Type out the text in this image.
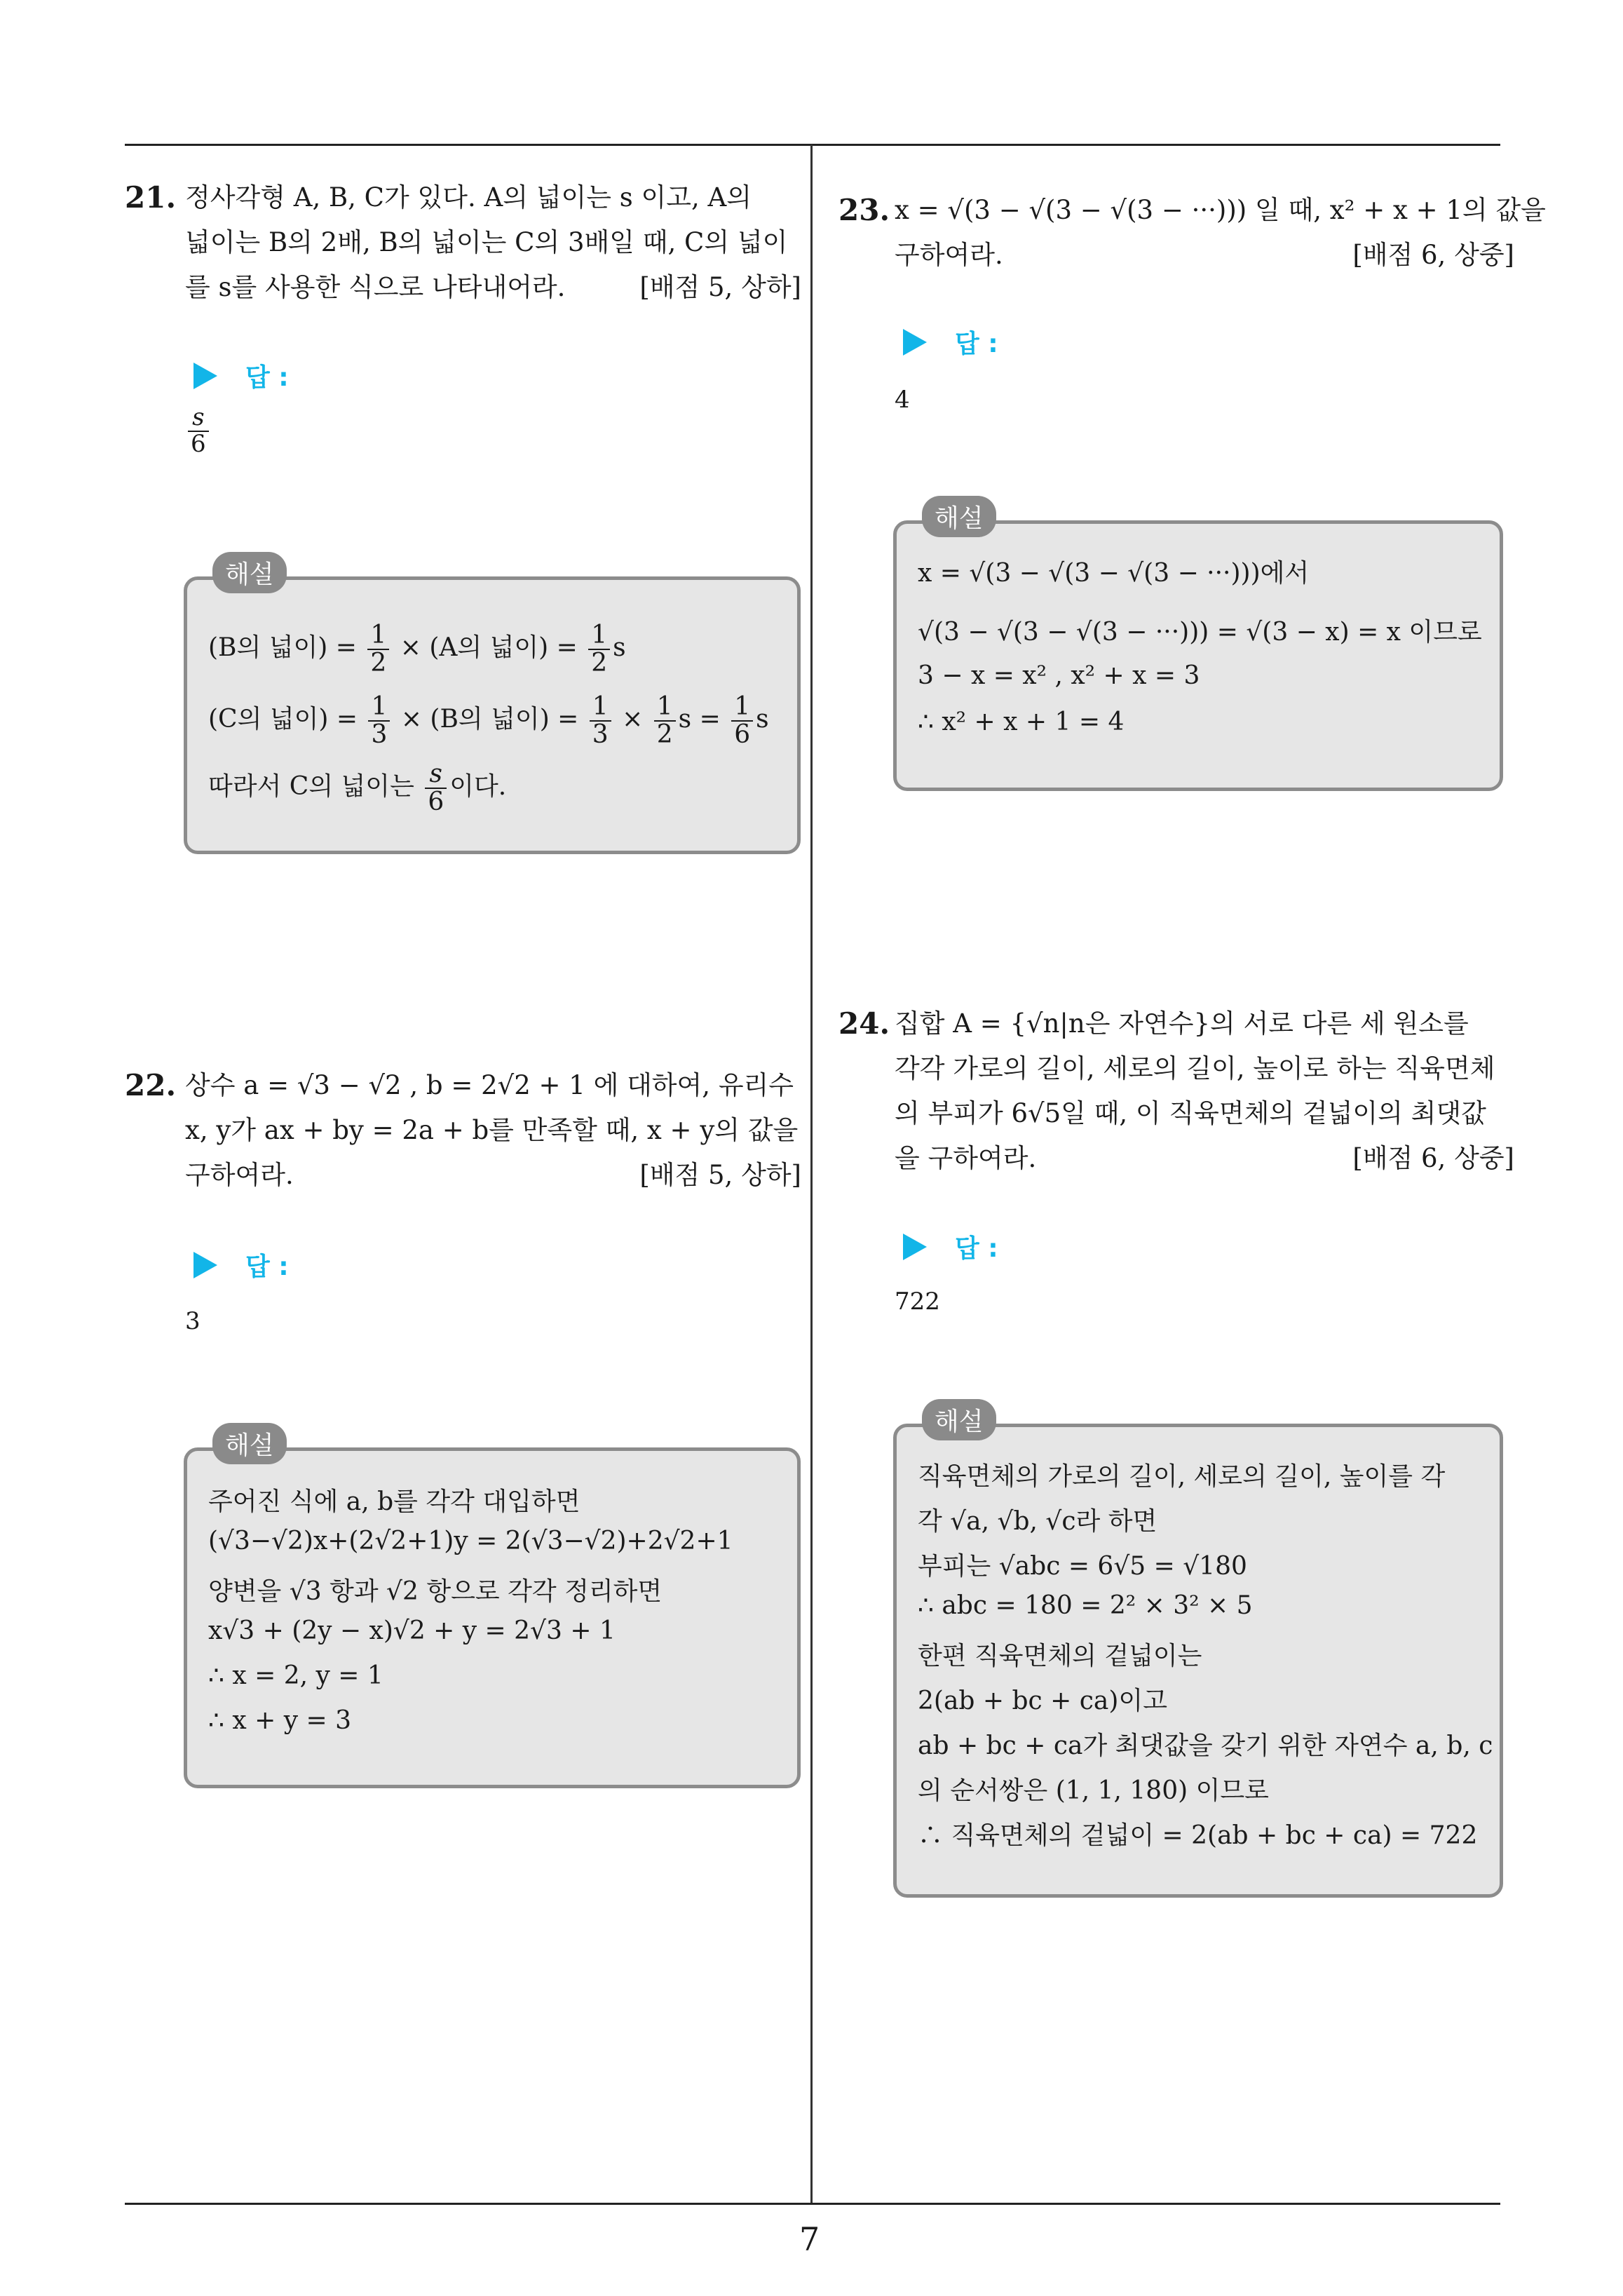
21. 정사각형 A, B, C가 있다. A의 넓이는 s 이고, A의
넓이는 B의 2배, B의 넓이는 C의 3배일 때, C의 넓이
를 s를 사용한 식으로 나타내어라.	[배점 5, 상하]
답 :
$\frac{s}{6}$
해설
(B의 넓이) = $\frac{1}{2} \times (A$의 넓이) = $\frac{1}{2}$ s
(C의 넓이) = $\frac{1}{3} \times (B$의 넓이) = $\frac{1}{3} \times \frac{1}{2}$ $s = \frac{1}{6}$ s
따라서 C의 넓이는 $\frac{s}{6}$ 이다.
22. 상수 a = √3 − √2 , b = 2√2 + 1 에 대하여, 유리수
x, y가 ax + by = 2a + b를 만족할 때, x + y의 값을
구하여라.	[배점 5, 상하]
답 :
3
해설
주어진 식에 a, b를 각각 대입하면
(√3−√2)x+(2√2+1)y = 2(√3−√2)+2√2+1
양변을 √3 항과 √2 항으로 각각 정리하면
x√3 + (2y − x)√2 + y = 2√3 + 1
∴ x = 2, y = 1
∴ x + y = 3
23. x = √(3 − √(3 − √(3 − ···))) 일 때, x² + x + 1의 값을
구하여라.	[배점 6, 상중]
답 :
4
해설
x = √(3 − √(3 − √(3 − ···)))에서
√(3 − √(3 − √(3 − ···))) = √(3 − x) = x 이므로
3 − x = x² , x² + x = 3
∴ x² + x + 1 = 4
24. 집합 A = {√n|n은 자연수}의 서로 다른 세 원소를
각각 가로의 길이, 세로의 길이, 높이로 하는 직육면체
의 부피가 6√5일 때, 이 직육면체의 겉넓이의 최댓값
을 구하여라.	[배점 6, 상중]
답 :
722
해설
직육면체의 가로의 길이, 세로의 길이, 높이를 각
각 √a, √b, √c라 하면
부피는 √abc = 6√5 = √180
∴ abc = 180 = 2² × 3² × 5
한편 직육면체의 겉넓이는
2(ab + bc + ca)이고
ab + bc + ca가 최댓값을 갖기 위한 자연수 a, b, c
의 순서쌍은 (1, 1, 180) 이므로
∴ 직육면체의 겉넓이 = 2(ab + bc + ca) = 722
7
